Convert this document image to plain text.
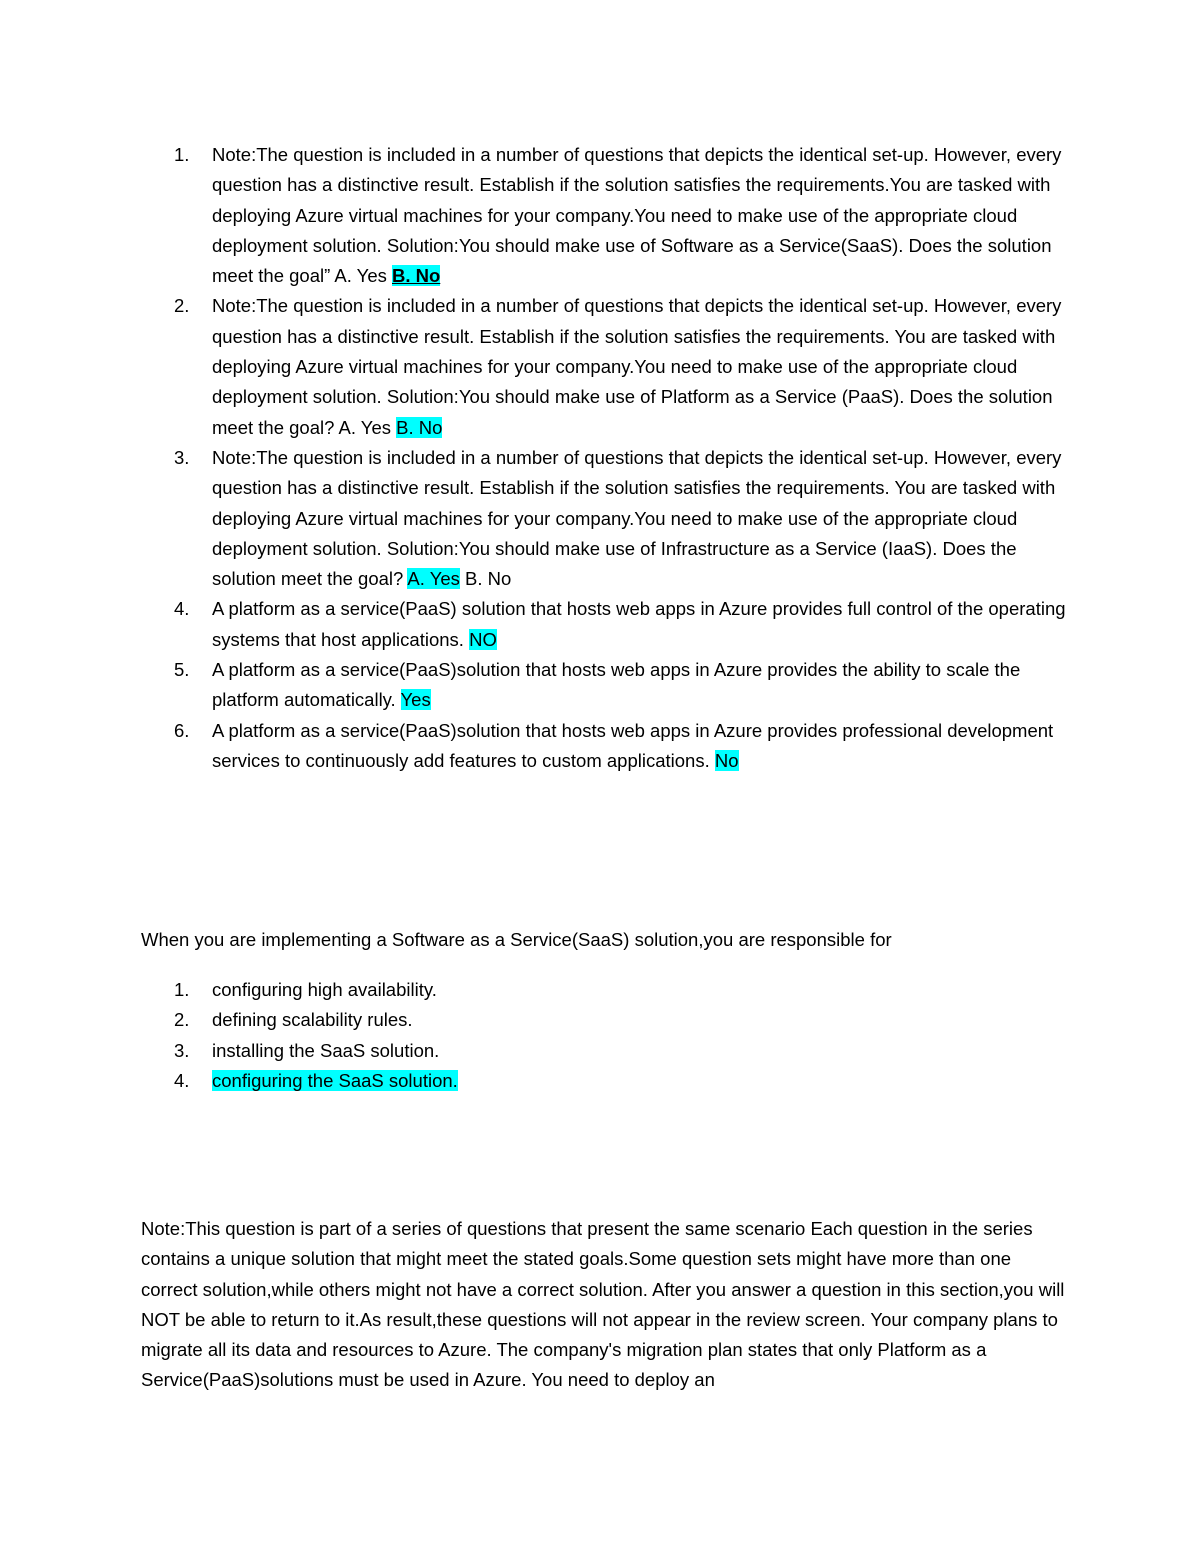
1. Note:The question is included in a number of questions that depicts the identical set-up. However, every question has a distinctive result. Establish if the solution satisfies the requirements.You are tasked with deploying Azure virtual machines for your company.You need to make use of the appropriate cloud deployment solution. Solution:You should make use of Software as a Service(SaaS). Does the solution meet the goal” A. Yes B. No
2. Note:The question is included in a number of questions that depicts the identical set-up. However, every question has a distinctive result. Establish if the solution satisfies the requirements. You are tasked with deploying Azure virtual machines for your company.You need to make use of the appropriate cloud deployment solution. Solution:You should make use of Platform as a Service (PaaS). Does the solution meet the goal? A. Yes B. No
3. Note:The question is included in a number of questions that depicts the identical set-up. However, every question has a distinctive result. Establish if the solution satisfies the requirements. You are tasked with deploying Azure virtual machines for your company.You need to make use of the appropriate cloud deployment solution. Solution:You should make use of Infrastructure as a Service (IaaS). Does the solution meet the goal? A. Yes B. No
4. A platform as a service(PaaS) solution that hosts web apps in Azure provides full control of the operating systems that host applications. NO
5. A platform as a service(PaaS)solution that hosts web apps in Azure provides the ability to scale the platform automatically. Yes
6. A platform as a service(PaaS)solution that hosts web apps in Azure provides professional development services to continuously add features to custom applications. No

When you are implementing a Software as a Service(SaaS) solution,you are responsible for

1. configuring high availability.
2. defining scalability rules.
3. installing the SaaS solution.
4. configuring the SaaS solution.

Note:This question is part of a series of questions that present the same scenario Each question in the series contains a unique solution that might meet the stated goals.Some question sets might have more than one correct solution,while others might not have a correct solution. After you answer a question in this section,you will NOT be able to return to it.As result,these questions will not appear in the review screen. Your company plans to migrate all its data and resources to Azure. The company's migration plan states that only Platform as a Service(PaaS)solutions must be used in Azure. You need to deploy an
